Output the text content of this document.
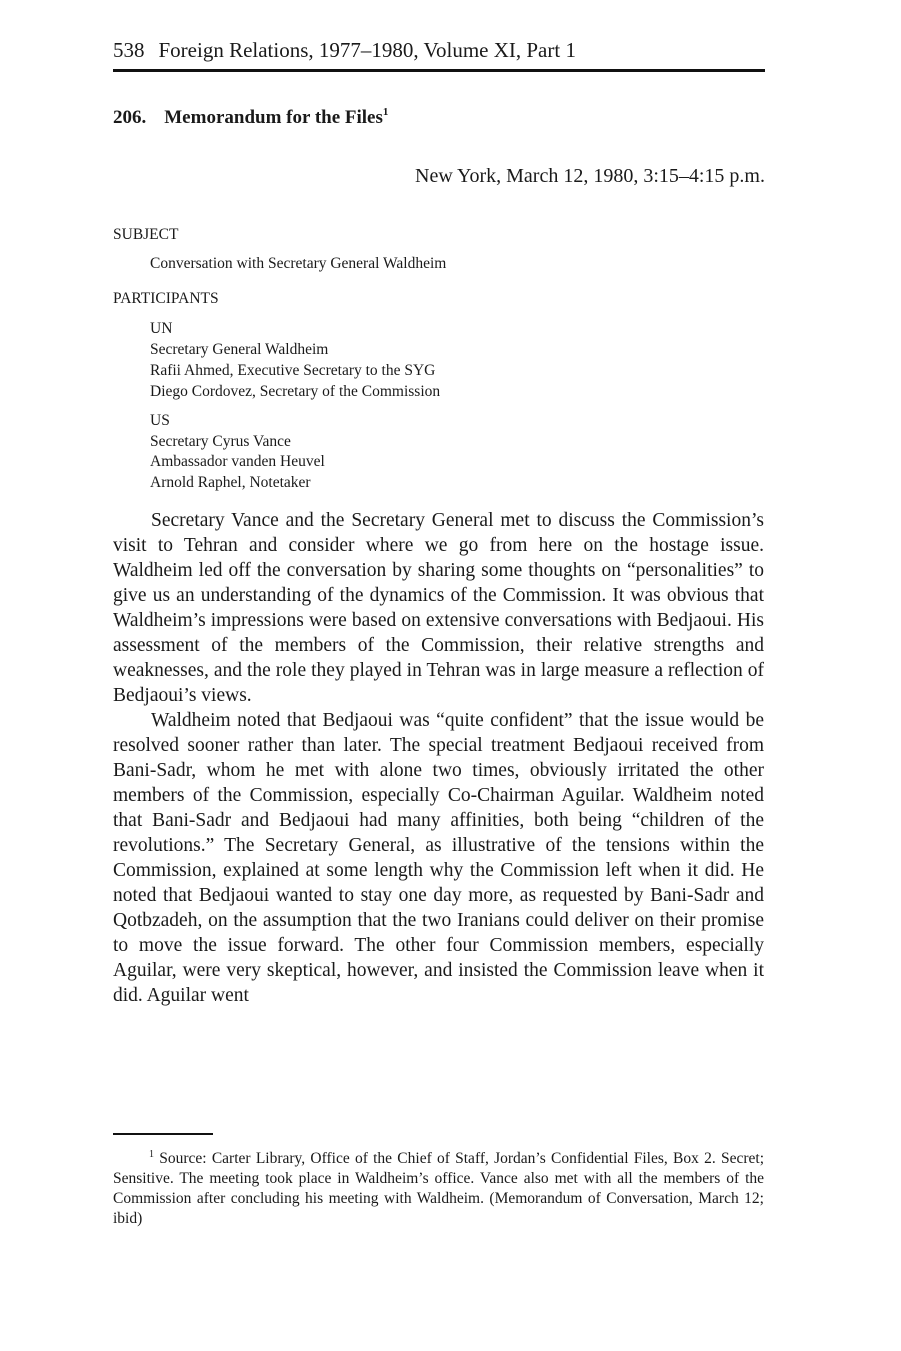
538 Foreign Relations, 1977–1980, Volume XI, Part 1
206. Memorandum for the Files$^1$
New York, March 12, 1980, 3:15–4:15 p.m.
SUBJECT
Conversation with Secretary General Waldheim
PARTICIPANTS
UN
Secretary General Waldheim
Rafii Ahmed, Executive Secretary to the SYG
Diego Cordovez, Secretary of the Commission
US
Secretary Cyrus Vance
Ambassador vanden Heuvel
Arnold Raphel, Notetaker

Secretary Vance and the Secretary General met to discuss the Commission’s visit to Tehran and consider where we go from here on the hostage issue. Waldheim led off the conversation by sharing some thoughts on “personalities” to give us an understanding of the dynamics of the Commission. It was obvious that Waldheim’s impressions were based on extensive conversations with Bedjaoui. His assessment of the members of the Commission, their relative strengths and weaknesses, and the role they played in Tehran was in large measure a reflection of Bedjaoui’s views.

Waldheim noted that Bedjaoui was “quite confident” that the issue would be resolved sooner rather than later. The special treatment Bedjaoui received from Bani-Sadr, whom he met with alone two times, obviously irritated the other members of the Commission, especially Co-Chairman Aguilar. Waldheim noted that Bani-Sadr and Bedjaoui had many affinities, both being “children of the revolutions.” The Secretary General, as illustrative of the tensions within the Commission, explained at some length why the Commission left when it did. He noted that Bedjaoui wanted to stay one day more, as requested by Bani-Sadr and Qotbzadeh, on the assumption that the two Iranians could deliver on their promise to move the issue forward. The other four Commission members, especially Aguilar, were very skeptical, however, and insisted the Commission leave when it did. Aguilar went

$^1$ Source: Carter Library, Office of the Chief of Staff, Jordan’s Confidential Files, Box 2. Secret; Sensitive. The meeting took place in Waldheim’s office. Vance also met with all the members of the Commission after concluding his meeting with Waldheim. (Memorandum of Conversation, March 12; ibid)
